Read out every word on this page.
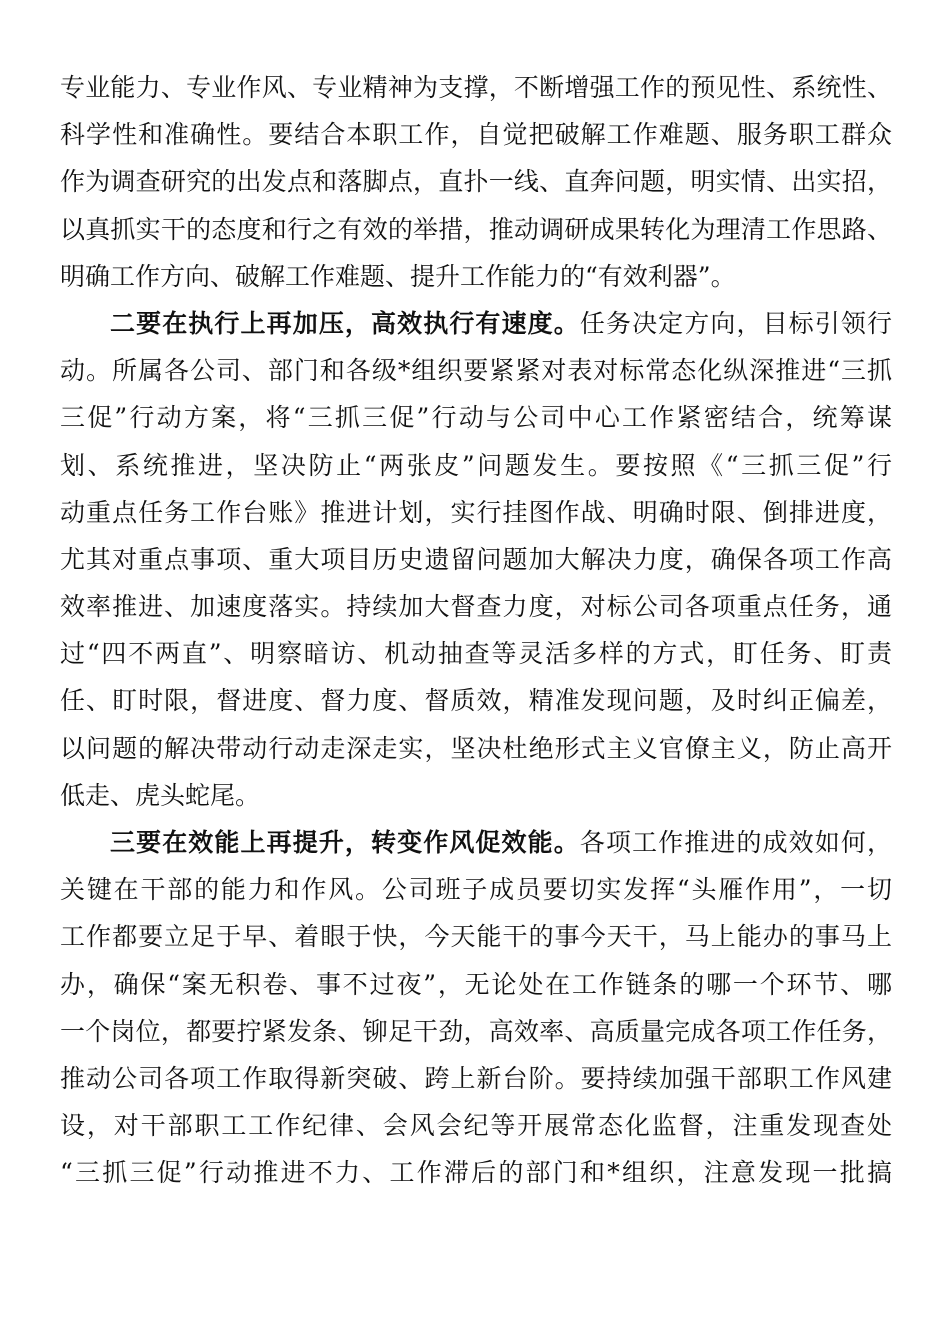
专业能力、专业作风、专业精神为支撑，不断增强工作的预见性、系统性、
科学性和准确性。要结合本职工作，自觉把破解工作难题、服务职工群众
作为调查研究的出发点和落脚点，直扑一线、直奔问题，明实情、出实招，
以真抓实干的态度和行之有效的举措，推动调研成果转化为理清工作思路、
明确工作方向、破解工作难题、提升工作能力的“有效利器”。
二要在执行上再加压，高效执行有速度。任务决定方向，目标引领行
动。所属各公司、部门和各级*组织要紧紧对表对标常态化纵深推进“三抓
三促”行动方案，将“三抓三促”行动与公司中心工作紧密结合，统筹谋
划、系统推进，坚决防止“两张皮”问题发生。要按照《“三抓三促”行
动重点任务工作台账》推进计划，实行挂图作战、明确时限、倒排进度，
尤其对重点事项、重大项目历史遗留问题加大解决力度，确保各项工作高
效率推进、加速度落实。持续加大督查力度，对标公司各项重点任务，通
过“四不两直”、明察暗访、机动抽查等灵活多样的方式，盯任务、盯责
任、盯时限，督进度、督力度、督质效，精准发现问题，及时纠正偏差，
以问题的解决带动行动走深走实，坚决杜绝形式主义官僚主义，防止高开
低走、虎头蛇尾。
三要在效能上再提升，转变作风促效能。各项工作推进的成效如何，
关键在干部的能力和作风。公司班子成员要切实发挥“头雁作用”，一切
工作都要立足于早、着眼于快，今天能干的事今天干，马上能办的事马上
办，确保“案无积卷、事不过夜”，无论处在工作链条的哪一个环节、哪
一个岗位，都要拧紧发条、铆足干劲，高效率、高质量完成各项工作任务，
推动公司各项工作取得新突破、跨上新台阶。要持续加强干部职工作风建
设，对干部职工工作纪律、会风会纪等开展常态化监督，注重发现查处
“三抓三促”行动推进不力、工作滞后的部门和*组织，注意发现一批搞
